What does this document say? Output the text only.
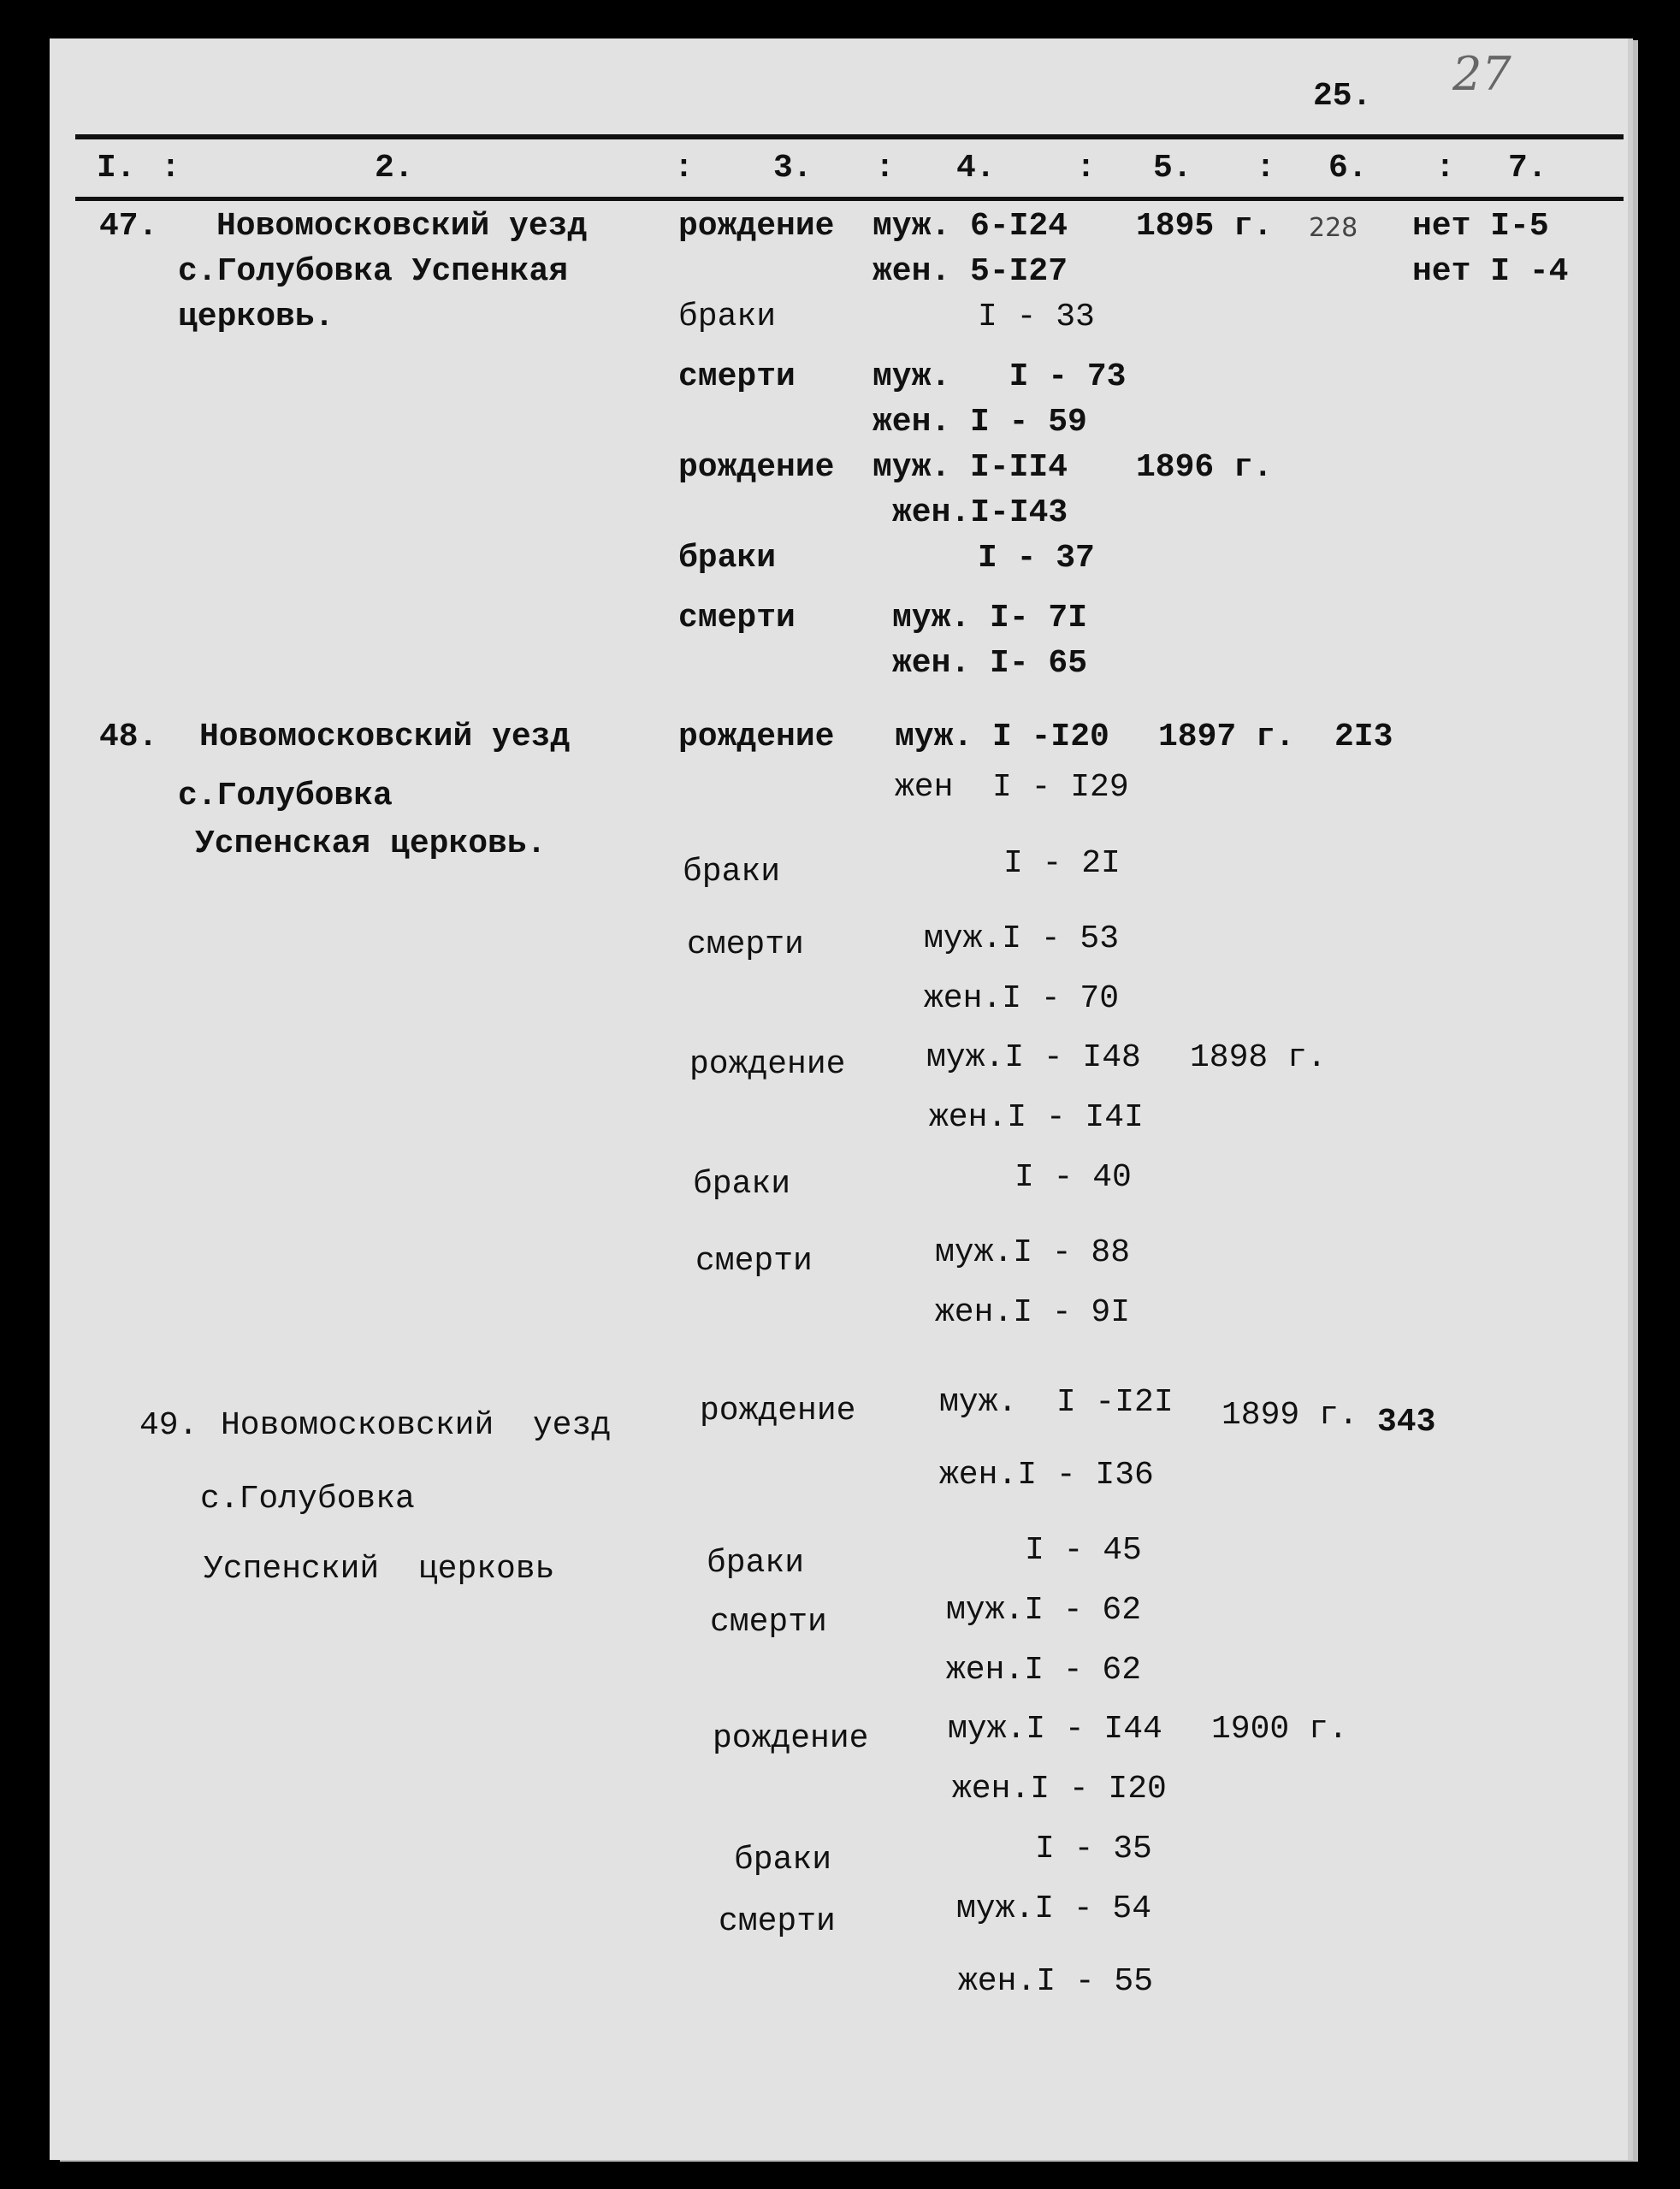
25. 27
I. :	2.	: 3. : 4. : 5. : 6. : 7.
47. Новомосковский уезд
с.Голубовка Успенкая
церковь.
рождение муж. 6-I24 1895 г. 228 нет I-5
жен. 5-I27	нет I -4
браки	I - 33
смерти муж.   I - 73
жен. I - 59
рождение муж. I-II4 1896 г.
жен.I-I43
браки	I - 37
смерти	муж. I- 7I
жен. I- 65
48. Новомосковский уезд
с.Голубовка
Успенская церковь.
рождение муж. I -I20 1897 г. 2I3
жен  I - I29
браки	I - 2I
смерти	муж.I - 53
жен.I - 70
рождение муж.I - I48 1898 г.
жен.I - I4I
браки	I - 40
смерти	муж.I - 88
жен.I - 9I
49. Новомосковский  уезд
с.Голубовка
Успенский  церковь
рождение	муж.  I -I2I 1899 г. 343
жен.I - I36
браки	I - 45
смерти	муж.I - 62
жен.I - 62
рождение муж.I - I44 1900 г.
жен.I - I20
браки	I - 35
смерти	муж.I - 54
жен.I - 55
